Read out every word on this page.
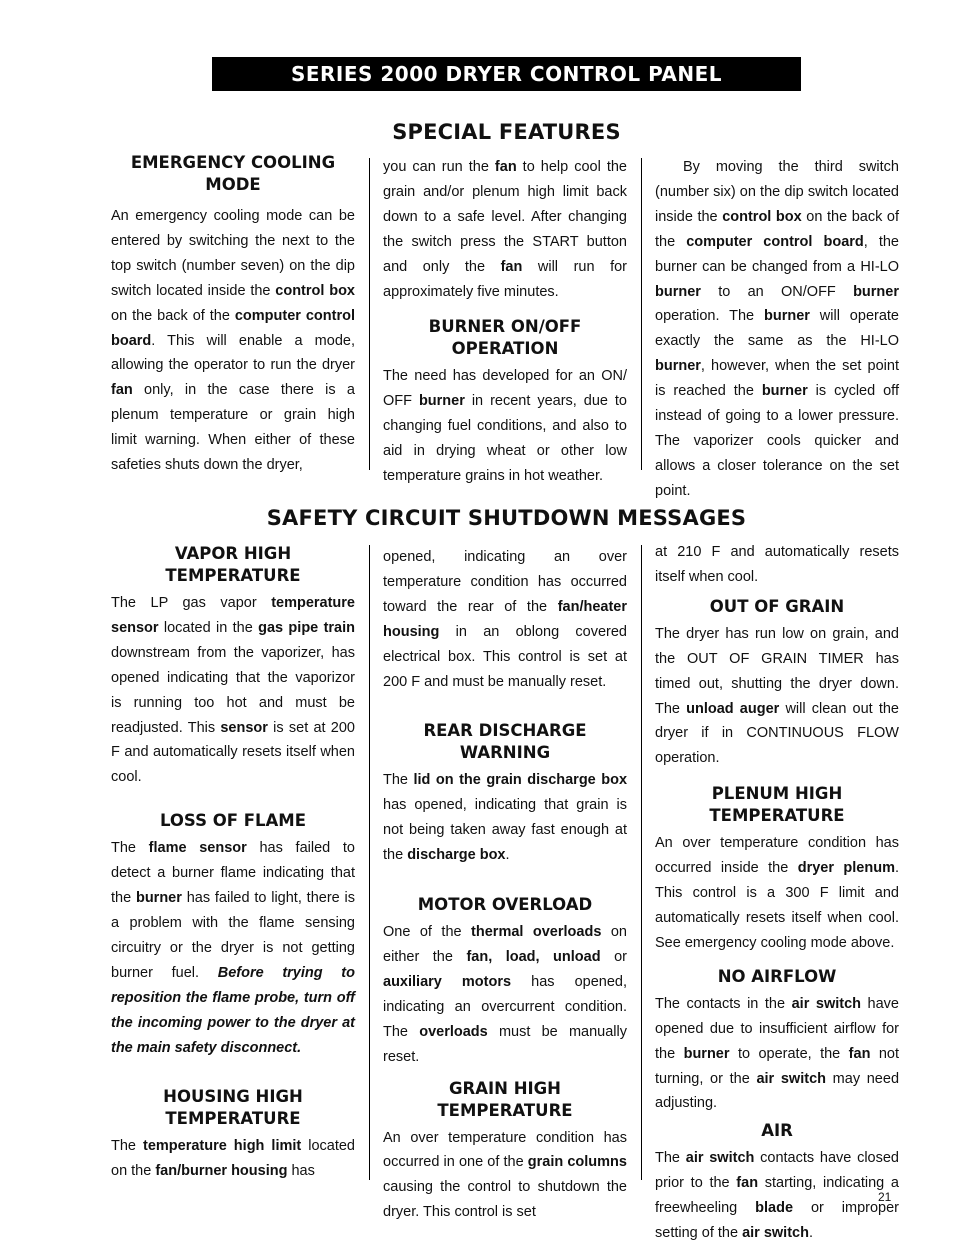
SERIES 2000 DRYER CONTROL PANEL
SPECIAL FEATURES
EMERGENCY COOLING MODE

An emergency cooling mode can be entered by switching the next to the top switch (number seven) on the dip switch located inside the control box on the back of the computer control board. This will enable a mode, allowing the operator to run the dryer fan only, in the case there is a plenum temperature or grain high limit warning. When either of these safeties shuts down the dryer,

you can run the fan to help cool the grain and/or plenum high limit back down to a safe level. After changing the switch press the START button and only the fan will run for approximately five minutes.

BURNER ON/OFF OPERATION

The need has developed for an ON/ OFF burner in recent years, due to changing fuel conditions, and also to aid in drying wheat or other low temperature grains in hot weather.

By moving the third switch (number six) on the dip switch located inside the control box on the back of the computer control board, the burner can be changed from a HI-LO burner to an ON/OFF burner operation. The burner will operate exactly the same as the HI-LO burner, however, when the set point is reached the burner is cycled off instead of going to a lower pressure. The vaporizer cools quicker and allows a closer tolerance on the set point.

SAFETY CIRCUIT SHUTDOWN MESSAGES
VAPOR HIGH TEMPERATURE

The LP gas vapor temperature sensor located in the gas pipe train downstream from the vaporizer, has opened indicating that the vaporizor is running too hot and must be readjusted. This sensor is set at 200 F and automatically resets itself when cool.

LOSS OF FLAME

The flame sensor has failed to detect a burner flame indicating that the burner has failed to light, there is a problem with the flame sensing circuitry or the dryer is not getting burner fuel. Before trying to reposition the flame probe, turn off the incoming power to the dryer at the main safety disconnect.

HOUSING HIGH TEMPERATURE

The temperature high limit located on the fan/burner housing has

opened, indicating an over temperature condition has occurred toward the rear of the fan/heater housing in an oblong covered electrical box. This control is set at 200 F and must be manually reset.

REAR DISCHARGE WARNING

The lid on the grain discharge box has opened, indicating that grain is not being taken away fast enough at the discharge box.

MOTOR OVERLOAD

One of the thermal overloads on either the fan, load, unload or auxiliary motors has opened, indicating an overcurrent condition. The overloads must be manually reset.

GRAIN HIGH TEMPERATURE

An over temperature condition has occurred in one of the grain columns causing the control to shutdown the dryer. This control is set

at 210 F and automatically resets itself when cool.

OUT OF GRAIN

The dryer has run low on grain, and the OUT OF GRAIN TIMER has timed out, shutting the dryer down. The unload auger will clean out the dryer if in CONTINUOUS FLOW operation.

PLENUM HIGH TEMPERATURE

An over temperature condition has occurred inside the dryer plenum. This control is a 300 F limit and automatically resets itself when cool. See emergency cooling mode above.

NO AIRFLOW

The contacts in the air switch have opened due to insufficient airflow for the burner to operate, the fan not turning, or the air switch may need adjusting.

AIR

The air switch contacts have closed prior to the fan starting, indicating a freewheeling blade or improper setting of the air switch.

21
